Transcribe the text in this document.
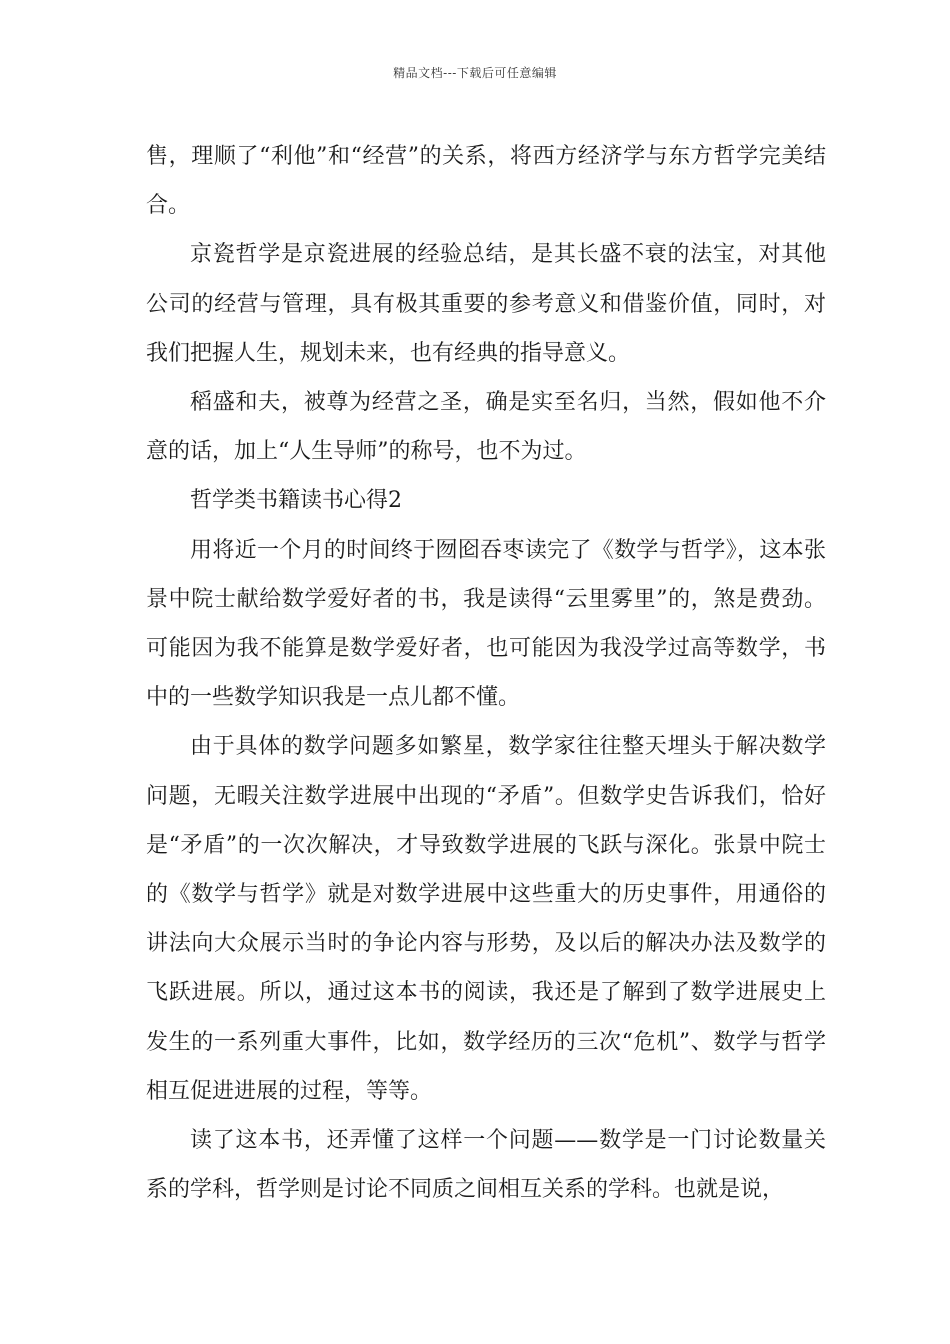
精品文档---下载后可任意编辑

售，理顺了“利他”和“经营”的关系，将西方经济学与东方哲学完美结合。

京瓷哲学是京瓷进展的经验总结，是其长盛不衰的法宝，对其他公司的经营与管理，具有极其重要的参考意义和借鉴价值，同时，对我们把握人生，规划未来，也有经典的指导意义。

稻盛和夫，被尊为经营之圣，确是实至名归，当然，假如他不介意的话，加上“人生导师”的称号，也不为过。

哲学类书籍读书心得2

用将近一个月的时间终于囫囵吞枣读完了《数学与哲学》，这本张景中院士献给数学爱好者的书，我是读得“云里雾里”的，煞是费劲。可能因为我不能算是数学爱好者，也可能因为我没学过高等数学，书中的一些数学知识我是一点儿都不懂。

由于具体的数学问题多如繁星，数学家往往整天埋头于解决数学问题，无暇关注数学进展中出现的“矛盾”。但数学史告诉我们，恰好是“矛盾”的一次次解决，才导致数学进展的飞跃与深化。张景中院士的《数学与哲学》就是对数学进展中这些重大的历史事件，用通俗的讲法向大众展示当时的争论内容与形势，及以后的解决办法及数学的飞跃进展。所以，通过这本书的阅读，我还是了解到了数学进展史上发生的一系列重大事件，比如，数学经历的三次“危机”、数学与哲学相互促进进展的过程，等等。

读了这本书，还弄懂了这样一个问题——数学是一门讨论数量关系的学科，哲学则是讨论不同质之间相互关系的学科。也就是说，
